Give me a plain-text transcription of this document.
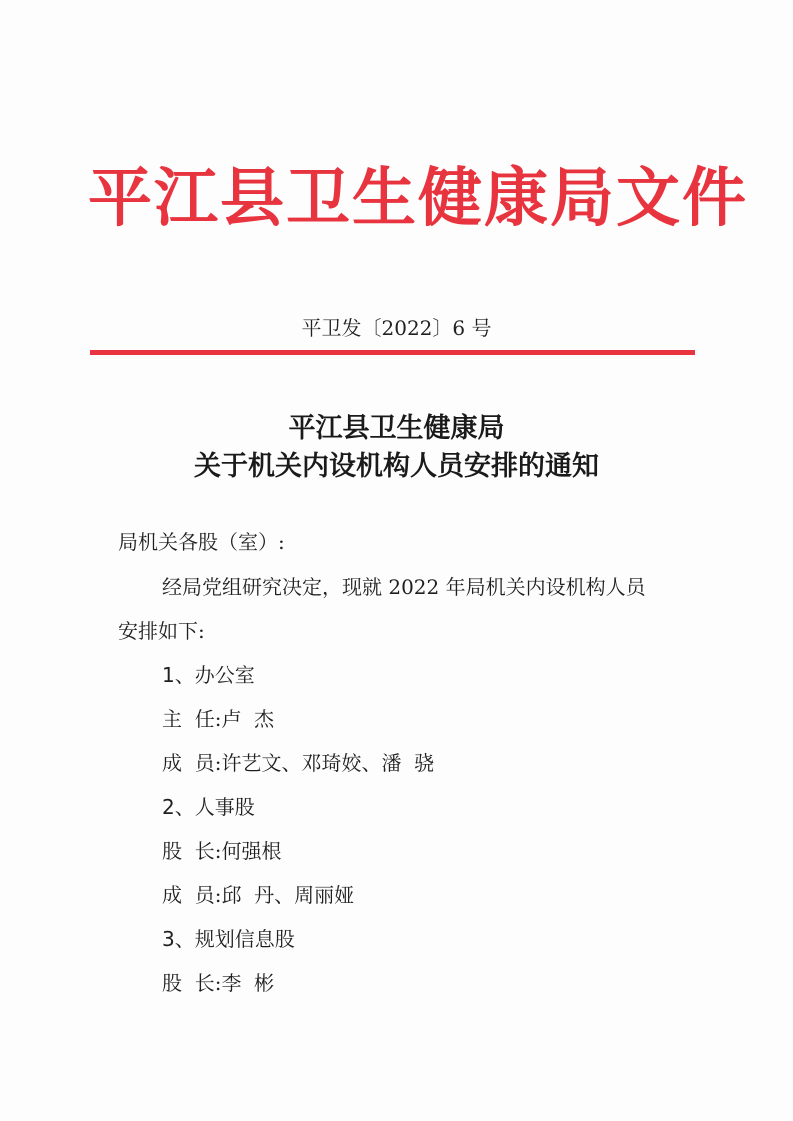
平江县卫生健康局文件
平卫发〔2022〕6 号
平江县卫生健康局
关于机关内设机构人员安排的通知
局机关各股（室）:
经局党组研究决定，现就 2022 年局机关内设机构人员
安排如下:
1、办公室
主  任:卢  杰
成  员:许艺文、邓琦姣、潘  骁
2、人事股
股  长:何强根
成  员:邱  丹、周丽娅
3、规划信息股
股  长:李  彬
